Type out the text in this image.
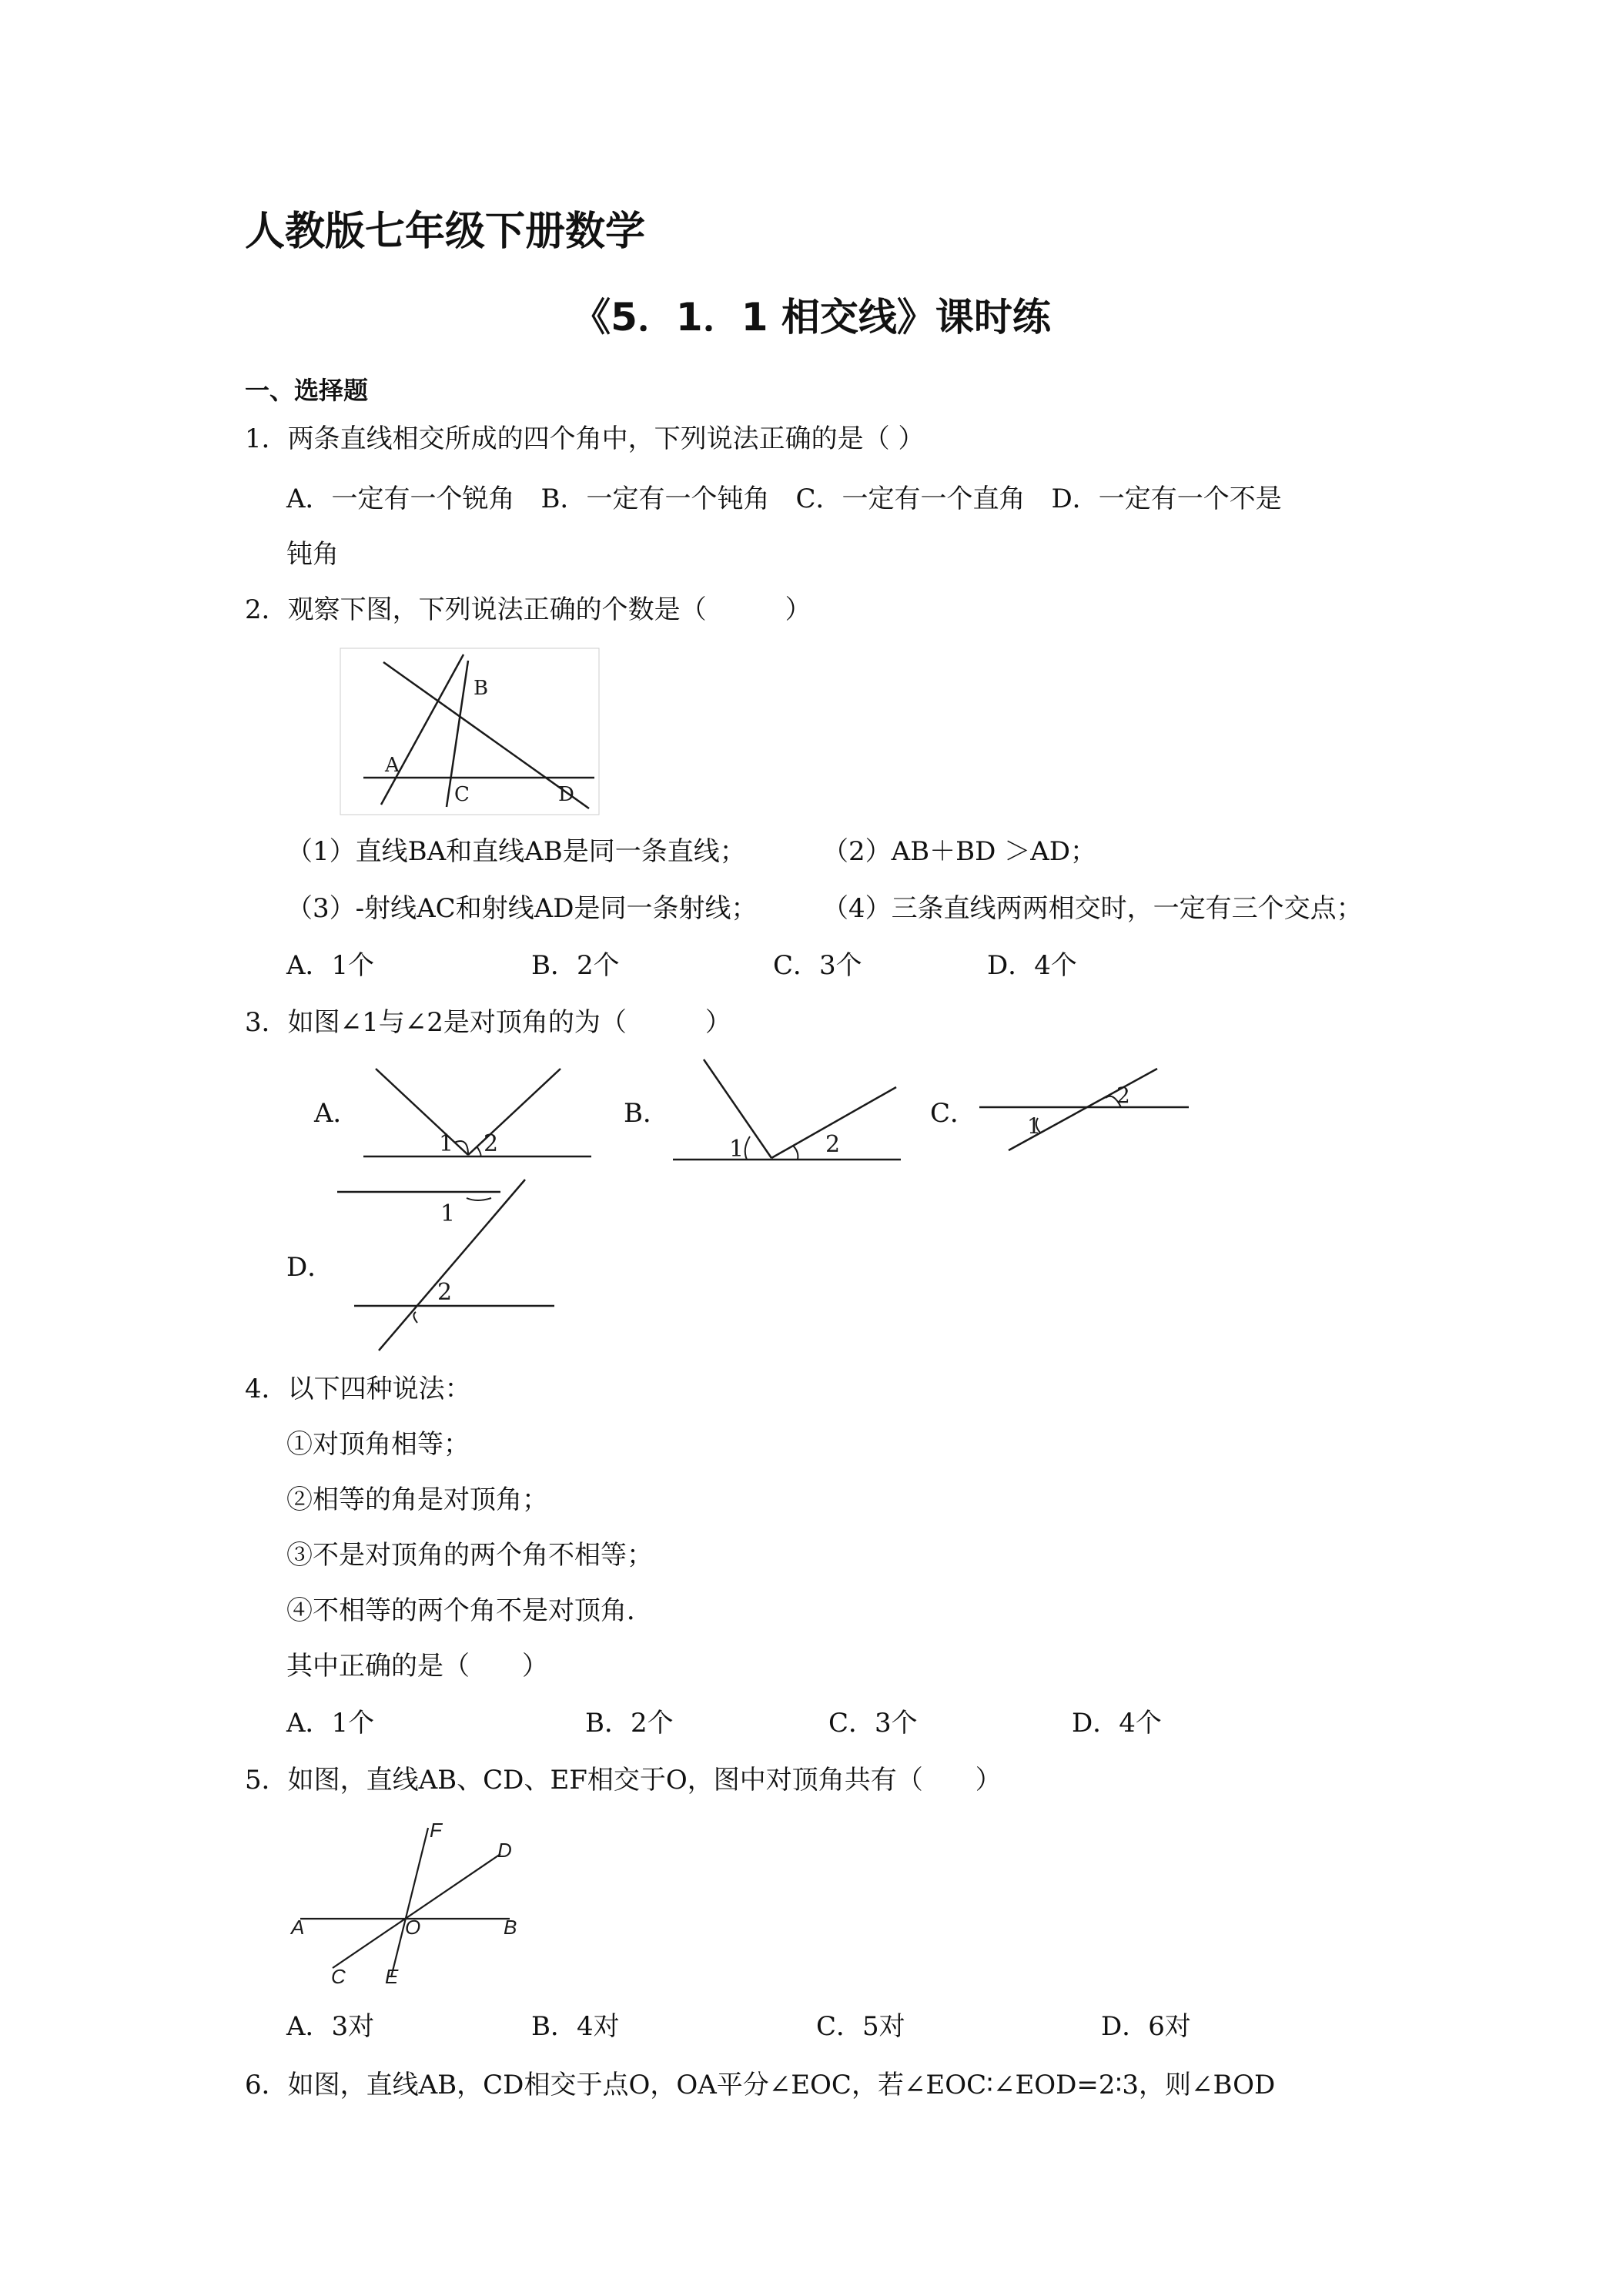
人教版七年级下册数学
《5．1．1 相交线》课时练
一、选择题
1．两条直线相交所成的四个角中，下列说法正确的是（ ）
A．一定有一个锐角　B．一定有一个钝角　C．一定有一个直角　D．一定有一个不是
钝角
2．观察下图，下列说法正确的个数是（　　　）
B
A
C	D
（1）直线BA和直线AB是同一条直线；	（2）AB＋BD ＞AD；
（3）-射线AC和射线AD是同一条射线； （4）三条直线两两相交时，一定有三个交点；
A．1个	B．2个	C．3个	D．4个
3．如图∠1与∠2是对顶角的为（　　　）
A．
1 2
B．
1	2
C． 1
2
D．
1
2
4．以下四种说法：
①对顶角相等；
②相等的角是对顶角；
③不是对顶角的两个角不相等；
④不相等的两个角不是对顶角．
其中正确的是（　　）
A．1个	B．2个	C．3个	D．4个
5．如图，直线AB、CD、EF相交于O，图中对顶角共有（　　）
A	B
C
D
E
F
O
A．3对	B．4对	C．5对	D．6对
6．如图，直线AB，CD相交于点O，OA平分∠EOC，若∠EOC∶∠EOD=2∶3，则∠BOD
